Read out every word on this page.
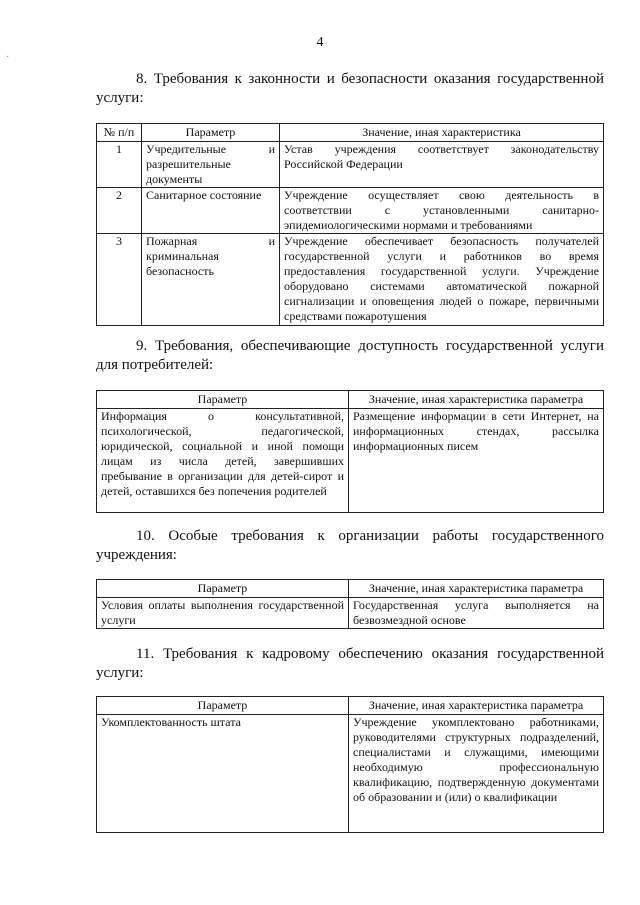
·
4
8. Требования к законности и безопасности оказания государственной услуги:
№ п/п	Параметр	Значение, иная характеристика
1	Учредительные и разрешительные документы	Устав учреждения соответствует законодательству Российской Федерации
2	Санитарное состояние	Учреждение осуществляет свою деятельность в соответствии с установленными санитарно-эпидемиологическими нормами и требованиями
3	Пожарная и криминальная безопасность	Учреждение обеспечивает безопасность получателей государственной услуги и работников во время предоставления государственной услуги. Учреждение оборудовано системами автоматической пожарной сигнализации и оповещения людей о пожаре, первичными средствами пожаротушения
9. Требования, обеспечивающие доступность государственной услуги для потребителей:
Параметр	Значение, иная характеристика параметра
Информация о консультативной, психологической, педагогической, юридической, социальной и иной помощи лицам из числа детей, завершивших пребывание в организации для детей-сирот и детей, оставшихся без попечения родителей	Размещение информации в сети Интернет, на информационных стендах, рассылка информационных писем
10. Особые требования к организации работы государственного учреждения:
Параметр	Значение, иная характеристика параметра
Условия оплаты выполнения государственной услуги	Государственная услуга выполняется на безвозмездной основе
11. Требования к кадровому обеспечению оказания государственной услуги:
Параметр	Значение, иная характеристика параметра
Укомплектованность штата	Учреждение укомплектовано работниками, руководителями структурных подразделений, специалистами и служащими, имеющими необходимую профессиональную квалификацию, подтвержденную документами об образовании и (или) о квалификации
